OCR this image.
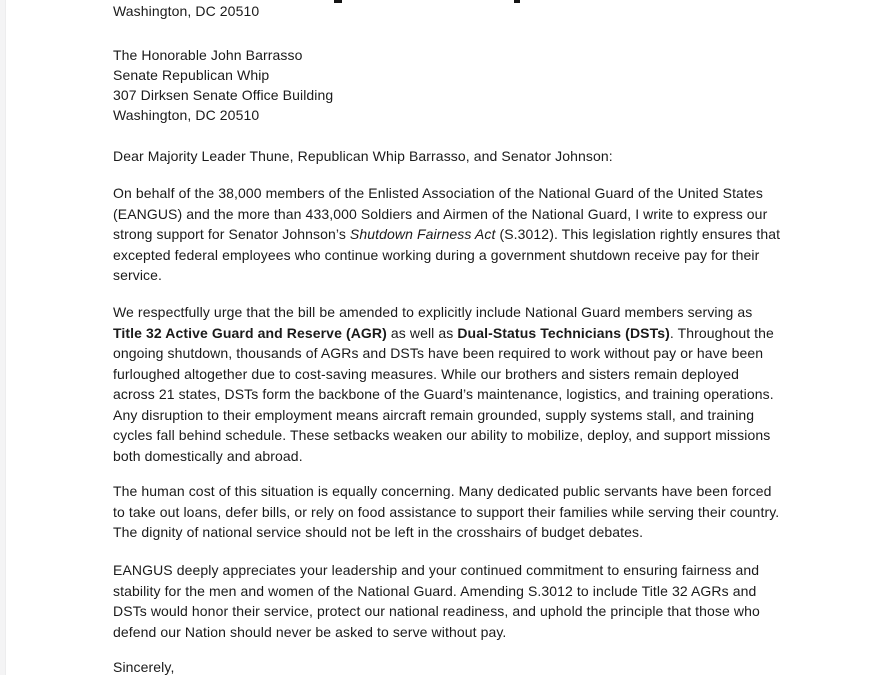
Washington, DC 20510
The Honorable John Barrasso
Senate Republican Whip
307 Dirksen Senate Office Building
Washington, DC 20510
Dear Majority Leader Thune, Republican Whip Barrasso, and Senator Johnson:
On behalf of the 38,000 members of the Enlisted Association of the National Guard of the United States (EANGUS) and the more than 433,000 Soldiers and Airmen of the National Guard, I write to express our strong support for Senator Johnson’s Shutdown Fairness Act (S.3012). This legislation rightly ensures that excepted federal employees who continue working during a government shutdown receive pay for their service.
We respectfully urge that the bill be amended to explicitly include National Guard members serving as Title 32 Active Guard and Reserve (AGR) as well as Dual-Status Technicians (DSTs). Throughout the ongoing shutdown, thousands of AGRs and DSTs have been required to work without pay or have been furloughed altogether due to cost-saving measures. While our brothers and sisters remain deployed across 21 states, DSTs form the backbone of the Guard’s maintenance, logistics, and training operations. Any disruption to their employment means aircraft remain grounded, supply systems stall, and training cycles fall behind schedule. These setbacks weaken our ability to mobilize, deploy, and support missions both domestically and abroad.
The human cost of this situation is equally concerning. Many dedicated public servants have been forced to take out loans, defer bills, or rely on food assistance to support their families while serving their country. The dignity of national service should not be left in the crosshairs of budget debates.
EANGUS deeply appreciates your leadership and your continued commitment to ensuring fairness and stability for the men and women of the National Guard. Amending S.3012 to include Title 32 AGRs and DSTs would honor their service, protect our national readiness, and uphold the principle that those who defend our Nation should never be asked to serve without pay.
Sincerely,
